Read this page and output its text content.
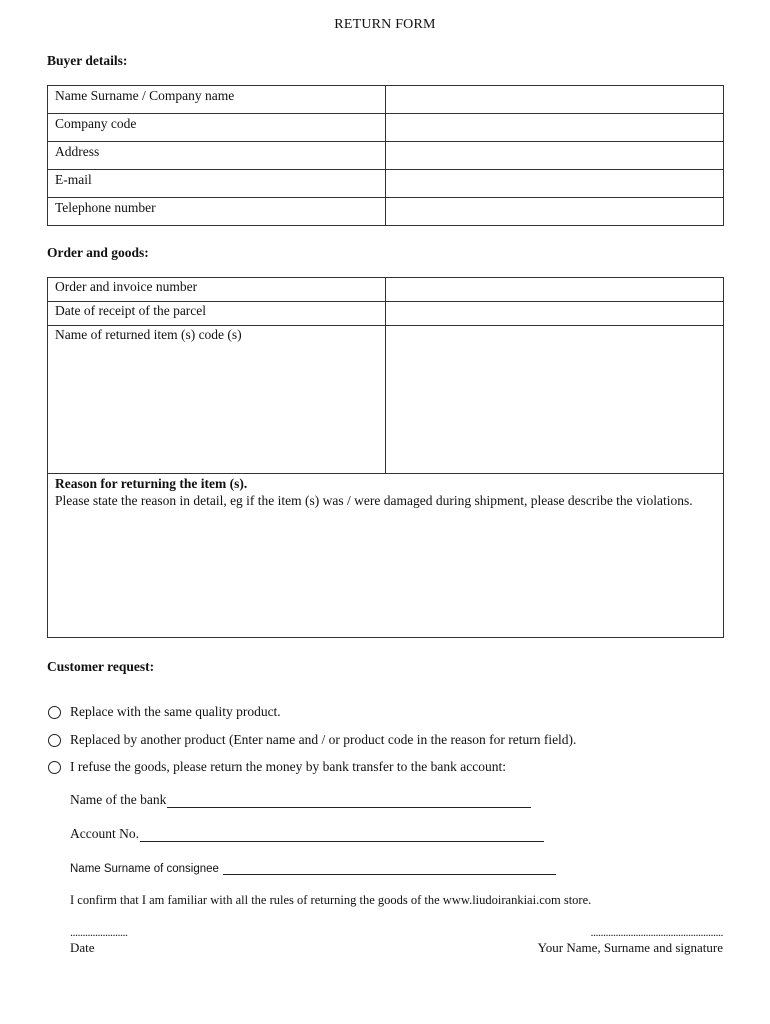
RETURN FORM
Buyer details:
Name Surname / Company name	
Company code	
Address	
E-mail	
Telephone number	
Order and goods:
Order and invoice number	
Date of receipt of the parcel	
Name of returned item (s) code (s)	

Reason for returning the item (s).
Please state the reason in detail, eg if the item (s) was / were damaged during shipment, please describe the violations.	
Customer request:
Replace with the same quality product.
Replaced by another product (Enter name and / or product code in the reason for return field).
I refuse the goods, please return the money by bank transfer to the bank account:
Name of the bank
Account No.
Name Surname of consignee
I confirm that I am familiar with all the rules of returning the goods of the www.liudoirankiai.com store.
.......................
Date
.....................................................
Your Name, Surname and signature
